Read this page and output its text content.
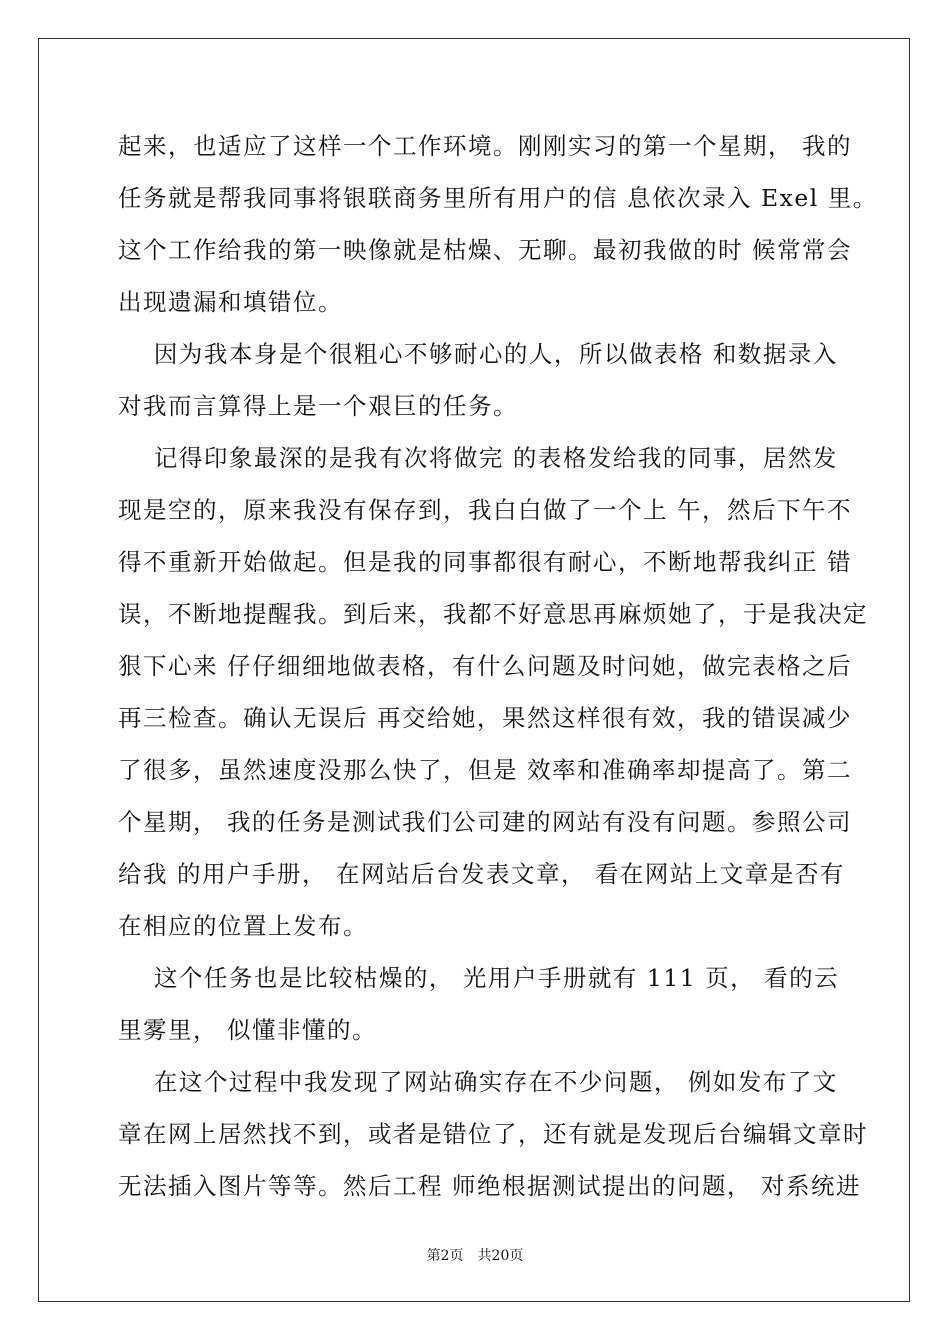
起来，也适应了这样一个工作环境。刚刚实习的第一个星期， 我的
任务就是帮我同事将银联商务里所有用户的信 息依次录入 Exel 里。
这个工作给我的第一映像就是枯燥、无聊。最初我做的时 候常常会
出现遗漏和填错位。
因为我本身是个很粗心不够耐心的人，所以做表格 和数据录入
对我而言算得上是一个艰巨的任务。
记得印象最深的是我有次将做完 的表格发给我的同事，居然发
现是空的，原来我没有保存到，我白白做了一个上 午，然后下午不
得不重新开始做起。但是我的同事都很有耐心，不断地帮我纠正 错
误，不断地提醒我。到后来，我都不好意思再麻烦她了，于是我决定
狠下心来 仔仔细细地做表格，有什么问题及时问她，做完表格之后
再三检查。确认无误后 再交给她，果然这样很有效，我的错误减少
了很多，虽然速度没那么快了，但是 效率和准确率却提高了。第二
个星期， 我的任务是测试我们公司建的网站有没有问题。参照公司
给我 的用户手册， 在网站后台发表文章， 看在网站上文章是否有
在相应的位置上发布。
这个任务也是比较枯燥的， 光用户手册就有 111 页， 看的云
里雾里， 似懂非懂的。
在这个过程中我发现了网站确实存在不少问题， 例如发布了文
章在网上居然找不到，或者是错位了，还有就是发现后台编辑文章时
无法插入图片等等。然后工程 师绝根据测试提出的问题， 对系统进
第2页　共20页
